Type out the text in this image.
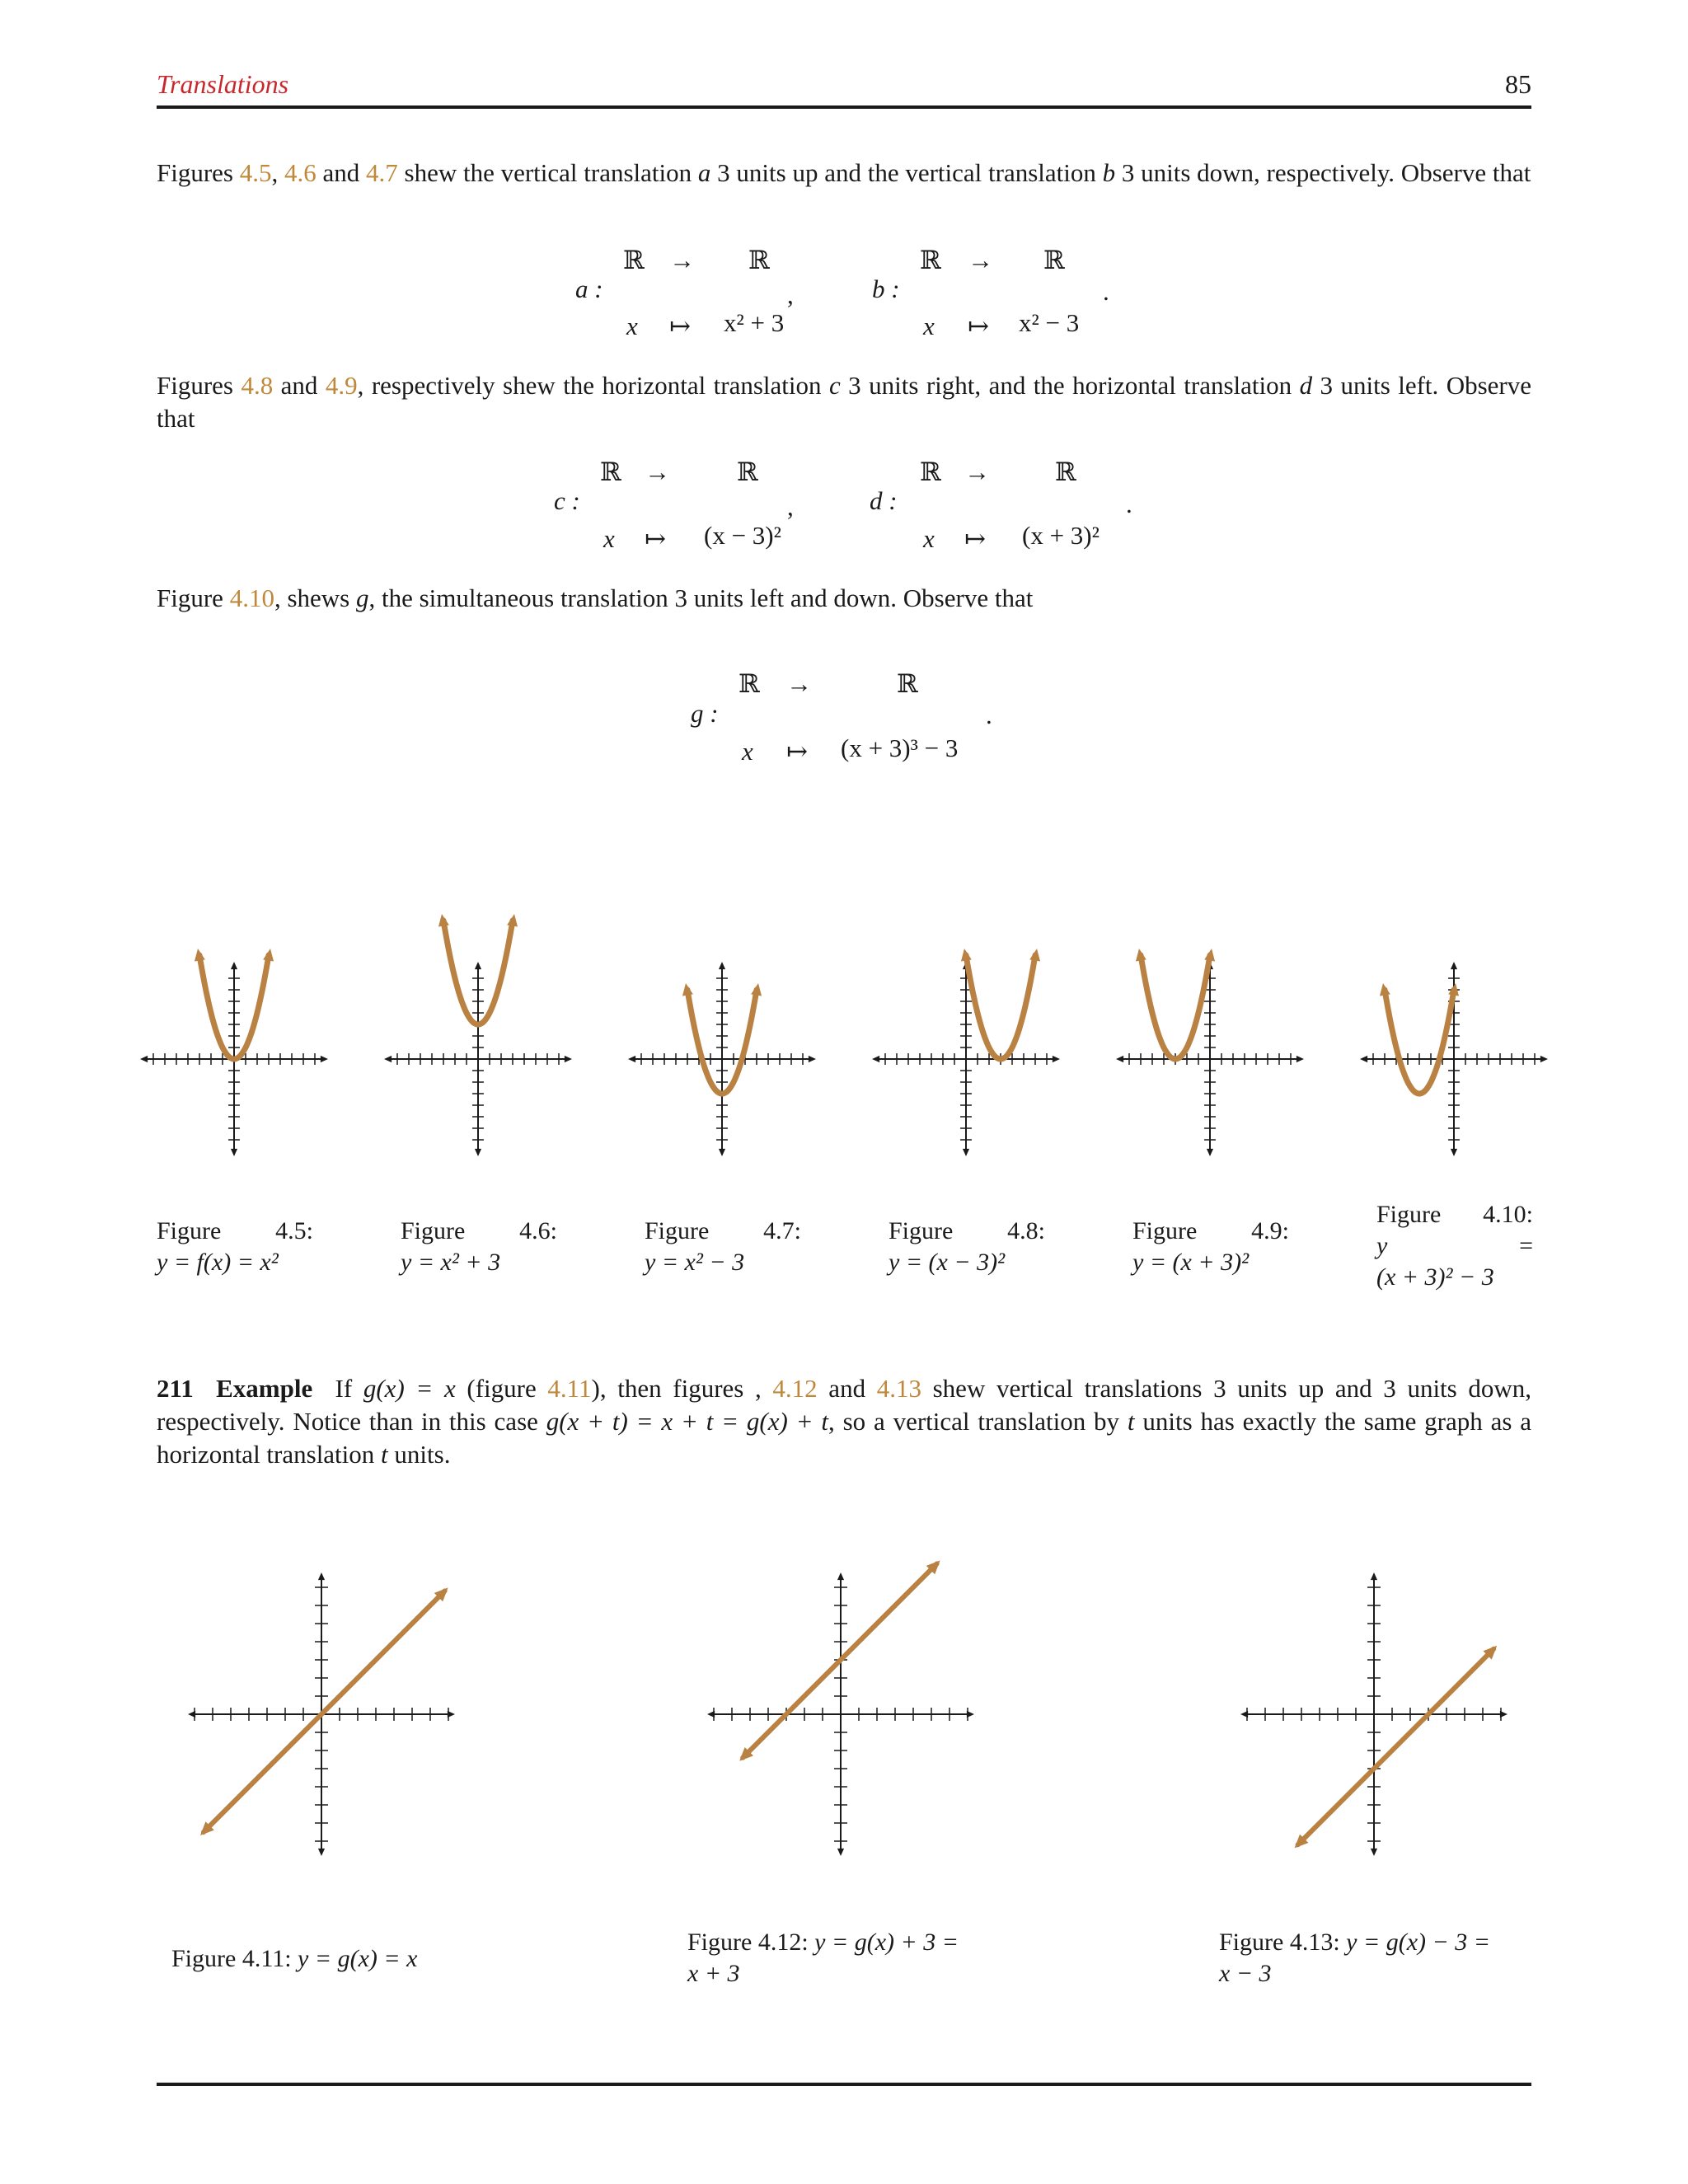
Translations	85
Figures 4.5, 4.6 and 4.7 shew the vertical translation a 3 units up and the vertical translation b 3 units down, respectively. Observe that
a :
ℝ → ℝ
x ↦ x² + 3
,	b :
ℝ → ℝ
x ↦ x² − 3
.
Figures 4.8 and 4.9, respectively shew the horizontal translation c 3 units right, and the horizontal translation d 3 units left. Observe that
c :
ℝ →	ℝ
x ↦ (x − 3)²
,	d :
ℝ →	ℝ
x ↦ (x + 3)²
.
Figure 4.10, shews g, the simultaneous translation 3 units left and down. Observe that
g :
ℝ →	ℝ
x ↦ (x + 3)³ − 3
.
Figure 4.5:
y = f(x) = x²
Figure 4.6:
y = x² + 3
Figure 4.7:
y = x² − 3
Figure 4.8:
y = (x − 3)²
Figure 4.9:
y = (x + 3)²
Figure 4.10:
y	=
(x + 3)² − 3
211 Example If g(x) = x (figure 4.11), then figures , 4.12 and 4.13 shew vertical translations 3 units up and 3 units down, respectively. Notice than in this case g(x + t) = x + t = g(x) + t, so a vertical translation by t units has exactly the same graph as a horizontal translation t units.
Figure 4.11: y = g(x) = x
Figure 4.12: y = g(x) + 3 =
x + 3
Figure 4.13: y = g(x) − 3 =
x − 3
